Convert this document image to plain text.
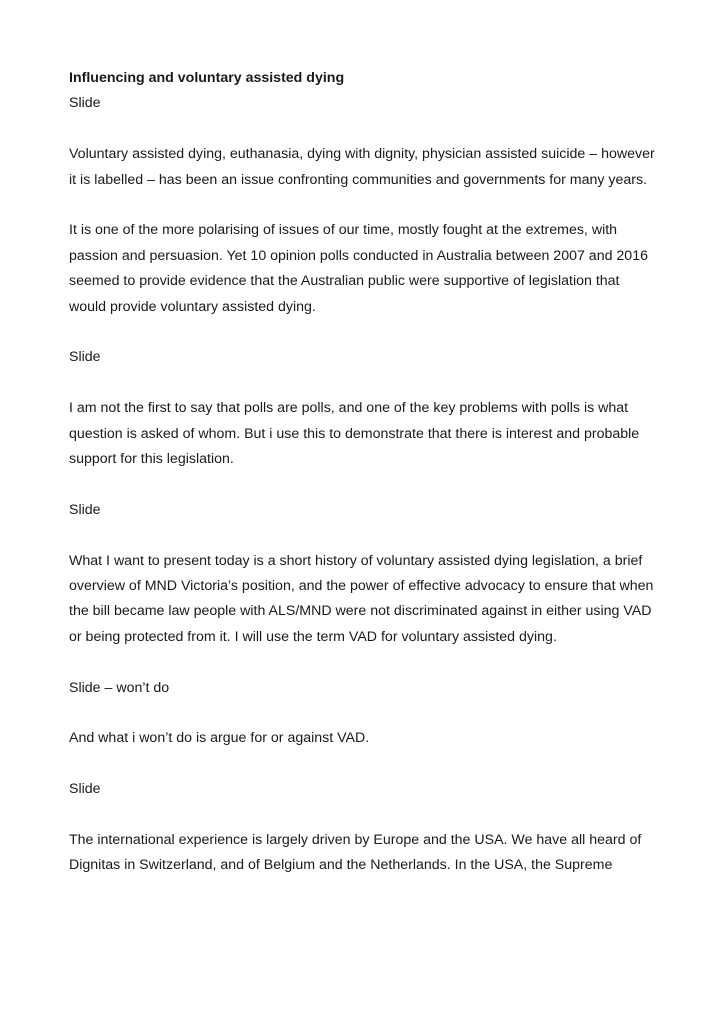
Influencing and voluntary assisted dying

Slide

Voluntary assisted dying, euthanasia, dying with dignity, physician assisted suicide – however it is labelled – has been an issue confronting communities and governments for many years.

It is one of the more polarising of issues of our time, mostly fought at the extremes, with passion and persuasion. Yet 10 opinion polls conducted in Australia between 2007 and 2016 seemed to provide evidence that the Australian public were supportive of legislation that would provide voluntary assisted dying.

Slide

I am not the first to say that polls are polls, and one of the key problems with polls is what question is asked of whom. But i use this to demonstrate that there is interest and probable support for this legislation.

Slide

What I want to present today is a short history of voluntary assisted dying legislation, a brief overview of MND Victoria’s position, and the power of effective advocacy to ensure that when the bill became law people with ALS/MND were not discriminated against in either using VAD or being protected from it. I will use the term VAD for voluntary assisted dying.

Slide – won’t do

And what i won’t do is argue for or against VAD.

Slide

The international experience is largely driven by Europe and the USA. We have all heard of Dignitas in Switzerland, and of Belgium and the Netherlands. In the USA, the Supreme
